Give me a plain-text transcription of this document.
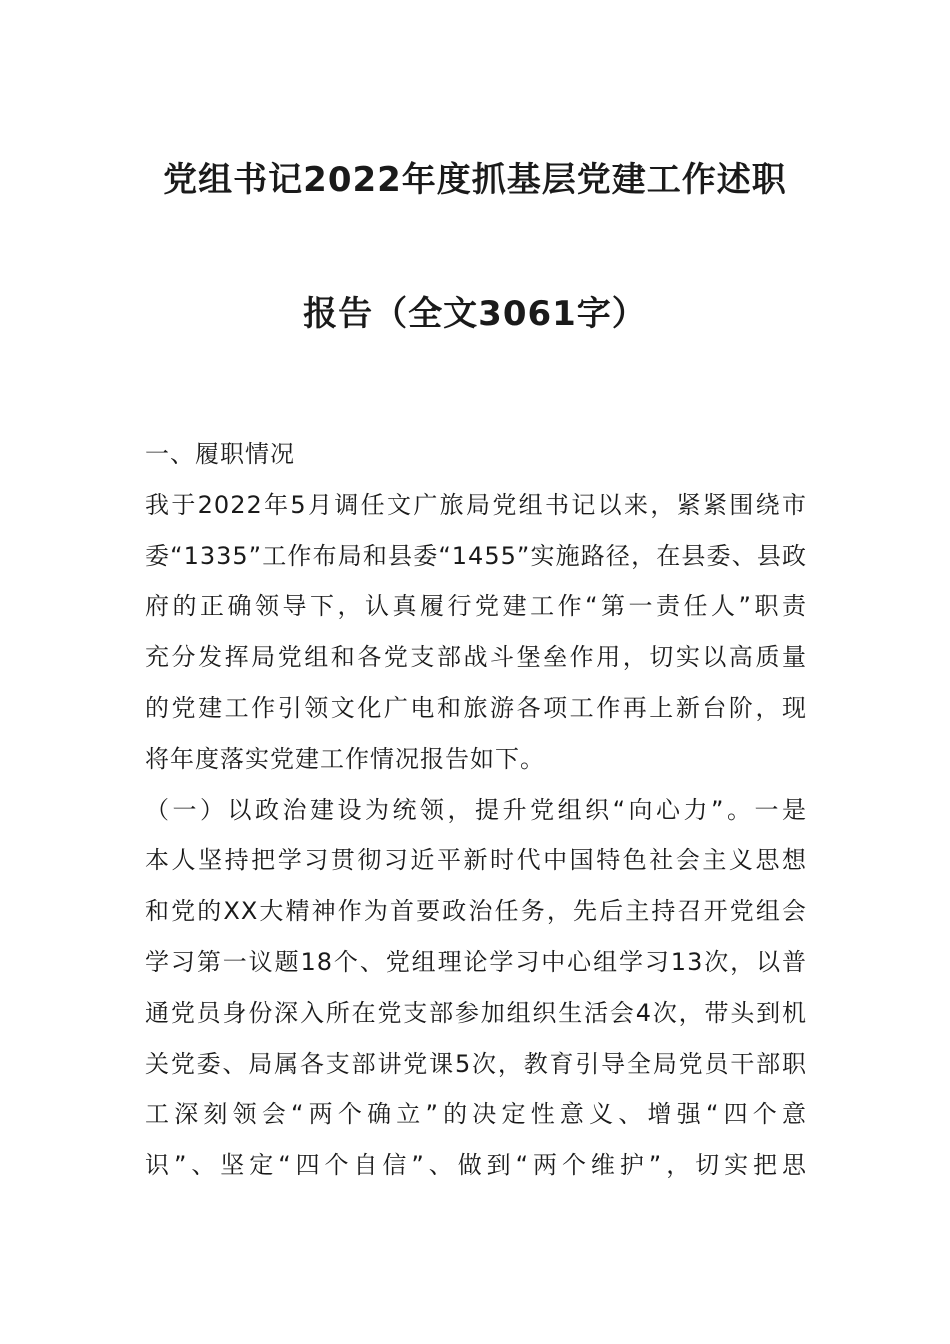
党组书记2022年度抓基层党建工作述职
报告（全文3061字）
一、履职情况
我于2022年5月调任文广旅局党组书记以来，紧紧围绕市
委“1335”工作布局和县委“1455”实施路径，在县委、县政
府的正确领导下，认真履行党建工作“第一责任人”职责
充分发挥局党组和各党支部战斗堡垒作用，切实以高质量
的党建工作引领文化广电和旅游各项工作再上新台阶，现
将年度落实党建工作情况报告如下。
（一）以政治建设为统领，提升党组织“向心力”。一是
本人坚持把学习贯彻习近平新时代中国特色社会主义思想
和党的XX大精神作为首要政治任务，先后主持召开党组会
学习第一议题18个、党组理论学习中心组学习13次，以普
通党员身份深入所在党支部参加组织生活会4次，带头到机
关党委、局属各支部讲党课5次，教育引导全局党员干部职
工深刻领会“两个确立”的决定性意义、增强“四个意
识”、坚定“四个自信”、做到“两个维护”，切实把思
